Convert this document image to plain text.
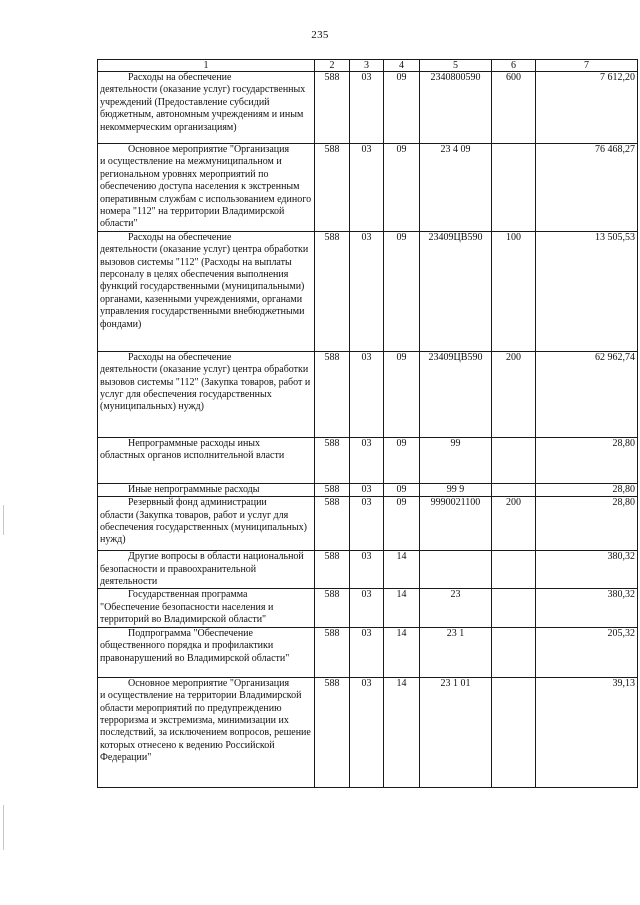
235
1	2	3	4	5	6	7

Расходы на обеспечение
деятельности (оказание услуг) государственных учреждений (Предоставление субсидий бюджетным, автономным учреждениям и иным некоммерческим организациям)	588	03	09	2340800590	600	7 612,20

Основное мероприятие "Организация
и осуществление на межмуниципальном и региональном уровнях мероприятий по обеспечению доступа населения к экстренным оперативным службам с использованием единого номера "112" на территории Владимирской области"	588	03	09	23 4 09		76 468,27

Расходы на обеспечение
деятельности (оказание услуг) центра обработки вызовов системы "112" (Расходы на выплаты персоналу в целях обеспечения выполнения функций государственными (муниципальными) органами, казенными учреждениями, органами управления государственными внебюджетными фондами)	588	03	09	23409ЦВ590	100	13 505,53

Расходы на обеспечение
деятельности (оказание услуг) центра обработки вызовов системы "112" (Закупка товаров, работ и услуг для обеспечения государственных (муниципальных) нужд)	588	03	09	23409ЦВ590	200	62 962,74

Непрограммные расходы иных
областных органов исполнительной власти	588	03	09	99		28,80

Иные непрограммные расходы	588	03	09	99 9		28,80

Резервный фонд администрации
области (Закупка товаров, работ и услуг для обеспечения государственных (муниципальных) нужд)	588	03	09	9990021100	200	28,80

Другие вопросы в области национальной
безопасности и правоохранительной деятельности	588	03	14			380,32

Государственная программа
"Обеспечение безопасности населения и территорий во Владимирской области"	588	03	14	23		380,32

Подпрограмма "Обеспечение
общественного порядка и профилактики правонарушений во Владимирской области"	588	03	14	23 1		205,32

Основное мероприятие "Организация
и осуществление на территории Владимирской области мероприятий по предупреждению терроризма и экстремизма, минимизации их последствий, за исключением вопросов, решение которых отнесено к ведению Российской Федерации"	588	03	14	23 1 01		39,13
